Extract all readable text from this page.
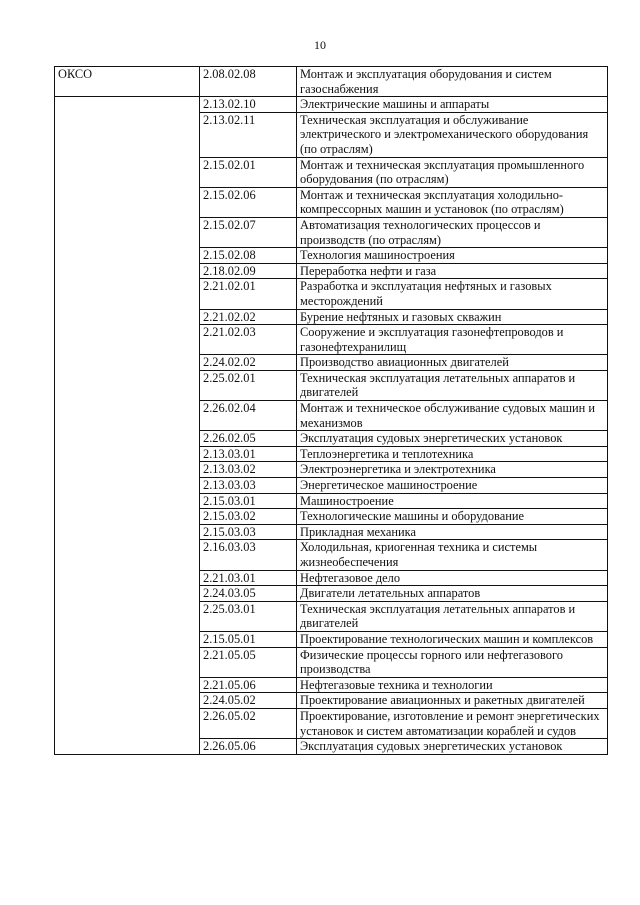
10
ОКСО	2.08.02.08	Монтаж и эксплуатация оборудования и систем газоснабжения
	2.13.02.10	Электрические машины и аппараты
	2.13.02.11	Техническая эксплуатация и обслуживание электрического и электромеханического оборудования (по отраслям)
	2.15.02.01	Монтаж и техническая эксплуатация промышленного оборудования (по отраслям)
	2.15.02.06	Монтаж и техническая эксплуатация холодильно-компрессорных машин и установок (по отраслям)
	2.15.02.07	Автоматизация технологических процессов и производств (по отраслям)
	2.15.02.08	Технология машиностроения
	2.18.02.09	Переработка нефти и газа
	2.21.02.01	Разработка и эксплуатация нефтяных и газовых месторождений
	2.21.02.02	Бурение нефтяных и газовых скважин
	2.21.02.03	Сооружение и эксплуатация газонефтепроводов и газонефтехранилищ
	2.24.02.02	Производство авиационных двигателей
	2.25.02.01	Техническая эксплуатация летательных аппаратов и двигателей
	2.26.02.04	Монтаж и техническое обслуживание судовых машин и механизмов
	2.26.02.05	Эксплуатация судовых энергетических установок
	2.13.03.01	Теплоэнергетика и теплотехника
	2.13.03.02	Электроэнергетика и электротехника
	2.13.03.03	Энергетическое машиностроение
	2.15.03.01	Машиностроение
	2.15.03.02	Технологические машины и оборудование
	2.15.03.03	Прикладная механика
	2.16.03.03	Холодильная, криогенная техника и системы жизнеобеспечения
	2.21.03.01	Нефтегазовое дело
	2.24.03.05	Двигатели летательных аппаратов
	2.25.03.01	Техническая эксплуатация летательных аппаратов и двигателей
	2.15.05.01	Проектирование технологических машин и комплексов
	2.21.05.05	Физические процессы горного или нефтегазового производства
	2.21.05.06	Нефтегазовые техника и технологии
	2.24.05.02	Проектирование авиационных и ракетных двигателей
	2.26.05.02	Проектирование, изготовление и ремонт энергетических установок и систем автоматизации кораблей и судов
	2.26.05.06	Эксплуатация судовых энергетических установок
